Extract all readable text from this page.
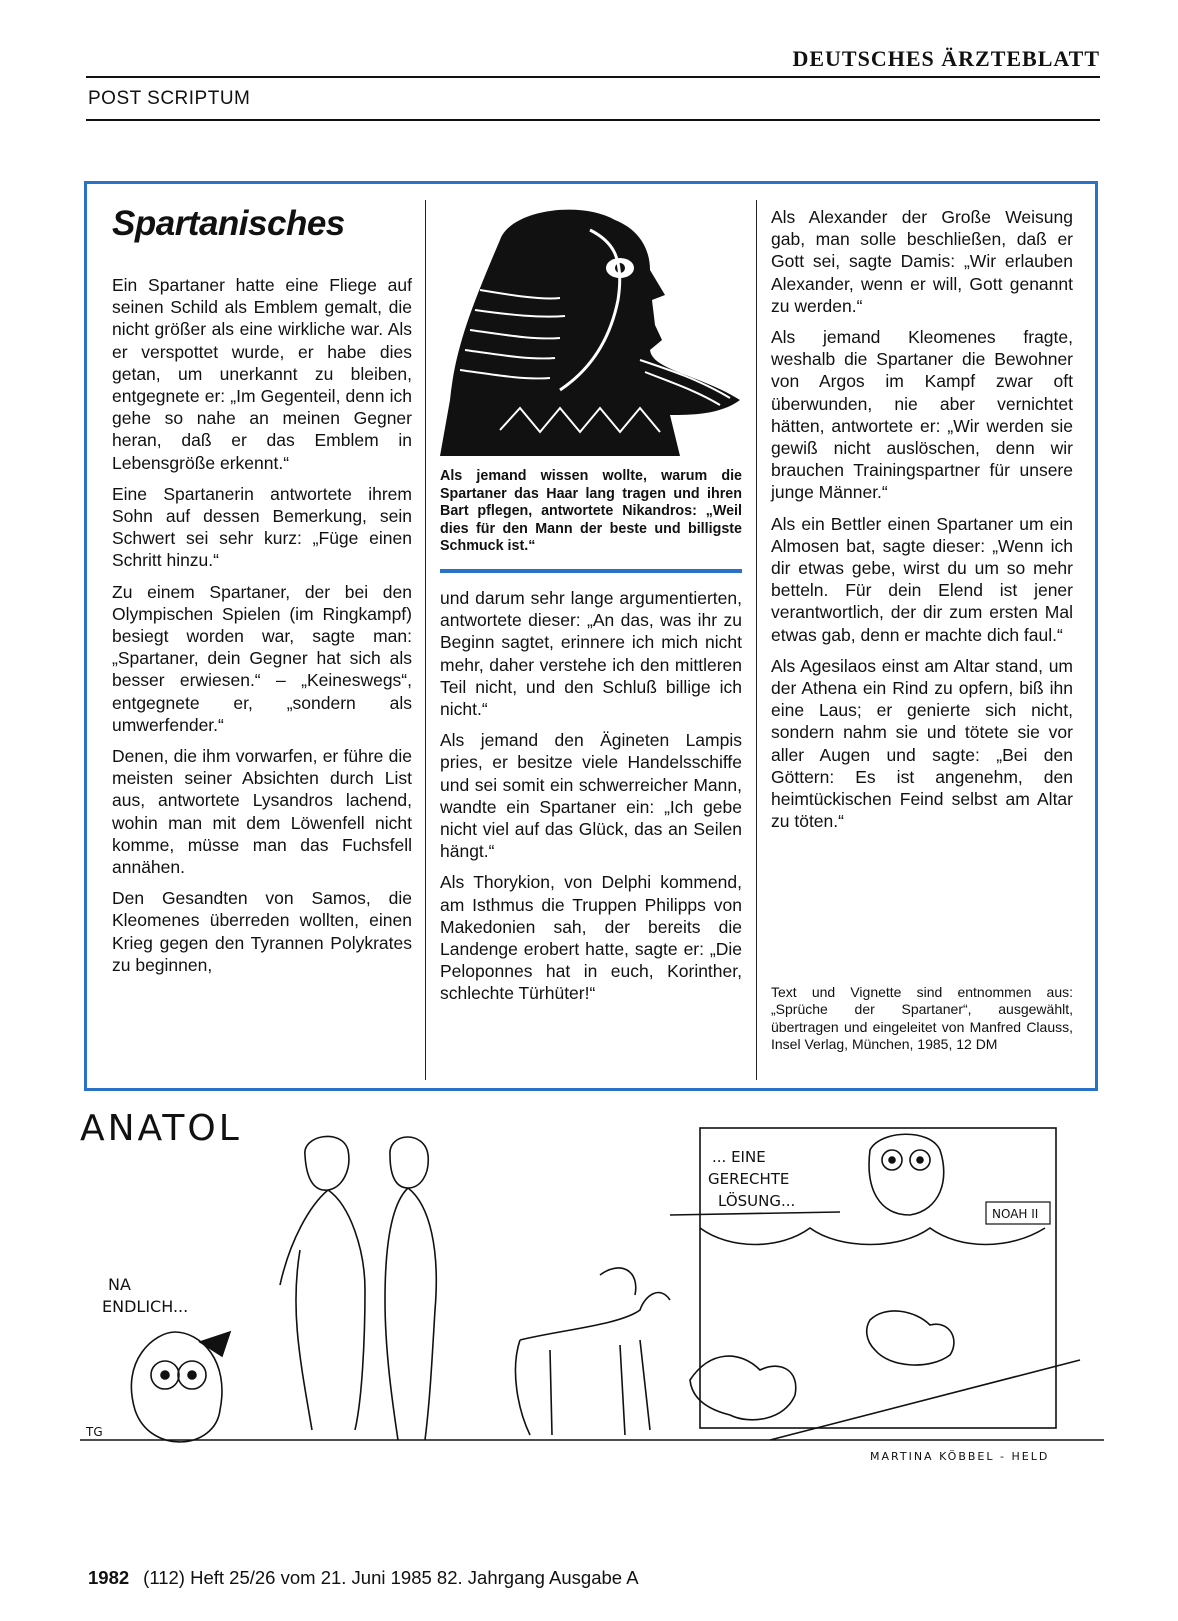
DEUTSCHES ÄRZTEBLATT
POST SCRIPTUM
Spartanisches

Ein Spartaner hatte eine Fliege auf seinen Schild als Emblem gemalt, die nicht größer als eine wirkliche war. Als er verspottet wurde, er habe dies getan, um unerkannt zu bleiben, entgegnete er: „Im Gegenteil, denn ich gehe so nahe an meinen Gegner heran, daß er das Emblem in Lebensgröße erkennt.“

Eine Spartanerin antwortete ihrem Sohn auf dessen Bemerkung, sein Schwert sei sehr kurz: „Füge einen Schritt hinzu.“

Zu einem Spartaner, der bei den Olympischen Spielen (im Ringkampf) besiegt worden war, sagte man: „Spartaner, dein Gegner hat sich als besser erwiesen.“ – „Keineswegs“, entgegnete er, „sondern als umwerfender.“

Denen, die ihm vorwarfen, er führe die meisten seiner Absichten durch List aus, antwortete Lysandros lachend, wohin man mit dem Löwenfell nicht komme, müsse man das Fuchsfell annähen.

Den Gesandten von Samos, die Kleomenes überreden wollten, einen Krieg gegen den Tyrannen Polykrates zu beginnen,

Als jemand wissen wollte, warum die Spartaner das Haar lang tragen und ihren Bart pflegen, antwortete Nikandros: „Weil dies für den Mann der beste und billigste Schmuck ist.“

und darum sehr lange argumentierten, antwortete dieser: „An das, was ihr zu Beginn sagtet, erinnere ich mich nicht mehr, daher verstehe ich den mittleren Teil nicht, und den Schluß billige ich nicht.“

Als jemand den Ägineten Lampis pries, er besitze viele Handelsschiffe und sei somit ein schwerreicher Mann, wandte ein Spartaner ein: „Ich gebe nicht viel auf das Glück, das an Seilen hängt.“

Als Thorykion, von Delphi kommend, am Isthmus die Truppen Philipps von Makedonien sah, der bereits die Landenge erobert hatte, sagte er: „Die Peloponnes hat in euch, Korinther, schlechte Türhüter!“

Als Alexander der Große Weisung gab, man solle beschließen, daß er Gott sei, sagte Damis: „Wir erlauben Alexander, wenn er will, Gott genannt zu werden.“

Als jemand Kleomenes fragte, weshalb die Spartaner die Bewohner von Argos im Kampf zwar oft überwunden, nie aber vernichtet hätten, antwortete er: „Wir werden sie gewiß nicht auslöschen, denn wir brauchen Trainingspartner für unsere junge Männer.“

Als ein Bettler einen Spartaner um ein Almosen bat, sagte dieser: „Wenn ich dir etwas gebe, wirst du um so mehr betteln. Für dein Elend ist jener verantwortlich, der dir zum ersten Mal etwas gab, denn er machte dich faul.“

Als Agesilaos einst am Altar stand, um der Athena ein Rind zu opfern, biß ihn eine Laus; er genierte sich nicht, sondern nahm sie und tötete sie vor aller Augen und sagte: „Bei den Göttern: Es ist angenehm, den heimtückischen Feind selbst am Altar zu töten.“

Text und Vignette sind entnommen aus: „Sprüche der Spartaner“, ausgewählt, übertragen und eingeleitet von Manfred Clauss, Insel Verlag, München, 1985, 12 DM
ANATOL
NA
ENDLICH...
... EINE
GERECHTE
LÖSUNG...
NOAH II
TG
MARTINA KÖBBEL - HELD
1982 (112) Heft 25/26 vom 21. Juni 1985 82. Jahrgang Ausgabe A
